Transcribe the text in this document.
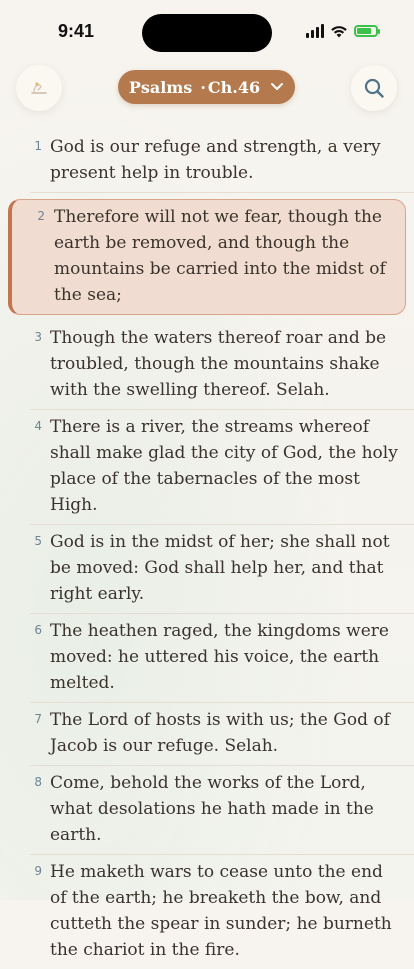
9:41
Psalms · Ch.46
1 God is our refuge and strength, a very present help in trouble.
2 Therefore will not we fear, though the earth be removed, and though the mountains be carried into the midst of the sea;
3 Though the waters thereof roar and be troubled, though the mountains shake with the swelling thereof. Selah.
4 There is a river, the streams whereof shall make glad the city of God, the holy place of the tabernacles of the most High.
5 God is in the midst of her; she shall not be moved: God shall help her, and that right early.
6 The heathen raged, the kingdoms were moved: he uttered his voice, the earth melted.
7 The Lord of hosts is with us; the God of Jacob is our refuge. Selah.
8 Come, behold the works of the Lord, what desolations he hath made in the earth.
9 He maketh wars to cease unto the end of the earth; he breaketh the bow, and cutteth the spear in sunder; he burneth the chariot in the fire.
